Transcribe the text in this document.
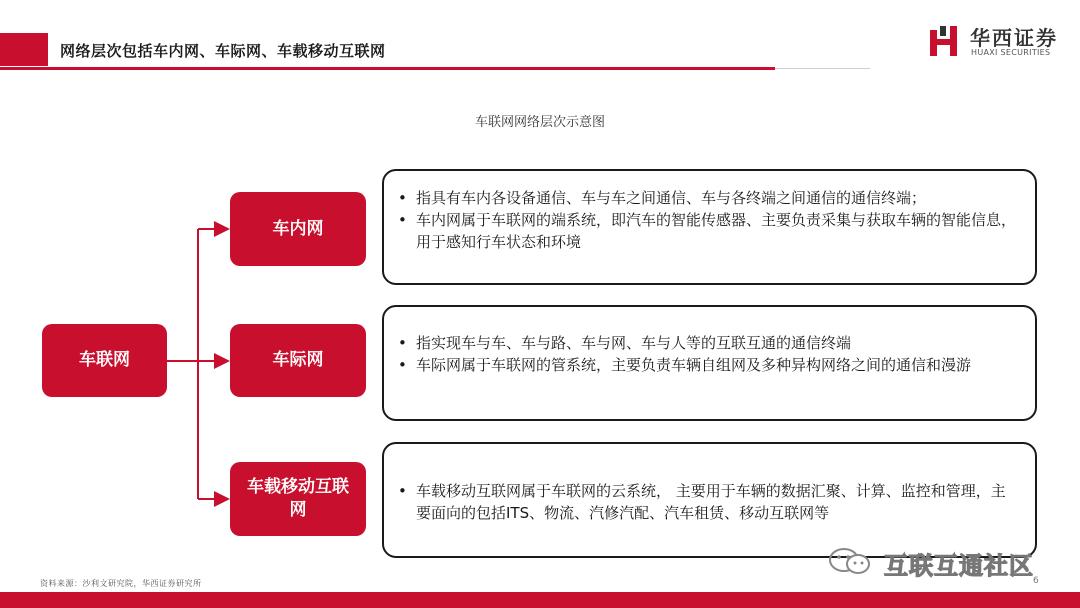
网络层次包括车内网、车际网、车载移动互联网
华西证券
HUAXI SECURITIES
车联网网络层次示意图
车联网
车内网
车际网
车载移动互联网
• 指具有车内各设备通信、车与车之间通信、车与各终端之间通信的通信终端；
• 车内网属于车联网的端系统，即汽车的智能传感器、主要负责采集与获取车辆的智能信息，用于感知行车状态和环境
• 指实现车与车、车与路、车与网、车与人等的互联互通的通信终端
• 车际网属于车联网的管系统，主要负责车辆自组网及多种异构网络之间的通信和漫游
• 车载移动互联网属于车联网的云系统， 主要用于车辆的数据汇聚、计算、监控和管理，主要面向的包括ITS、物流、汽修汽配、汽车租赁、移动互联网等
资料来源：沙利文研究院，华西证券研究所
互联互通社区
6
